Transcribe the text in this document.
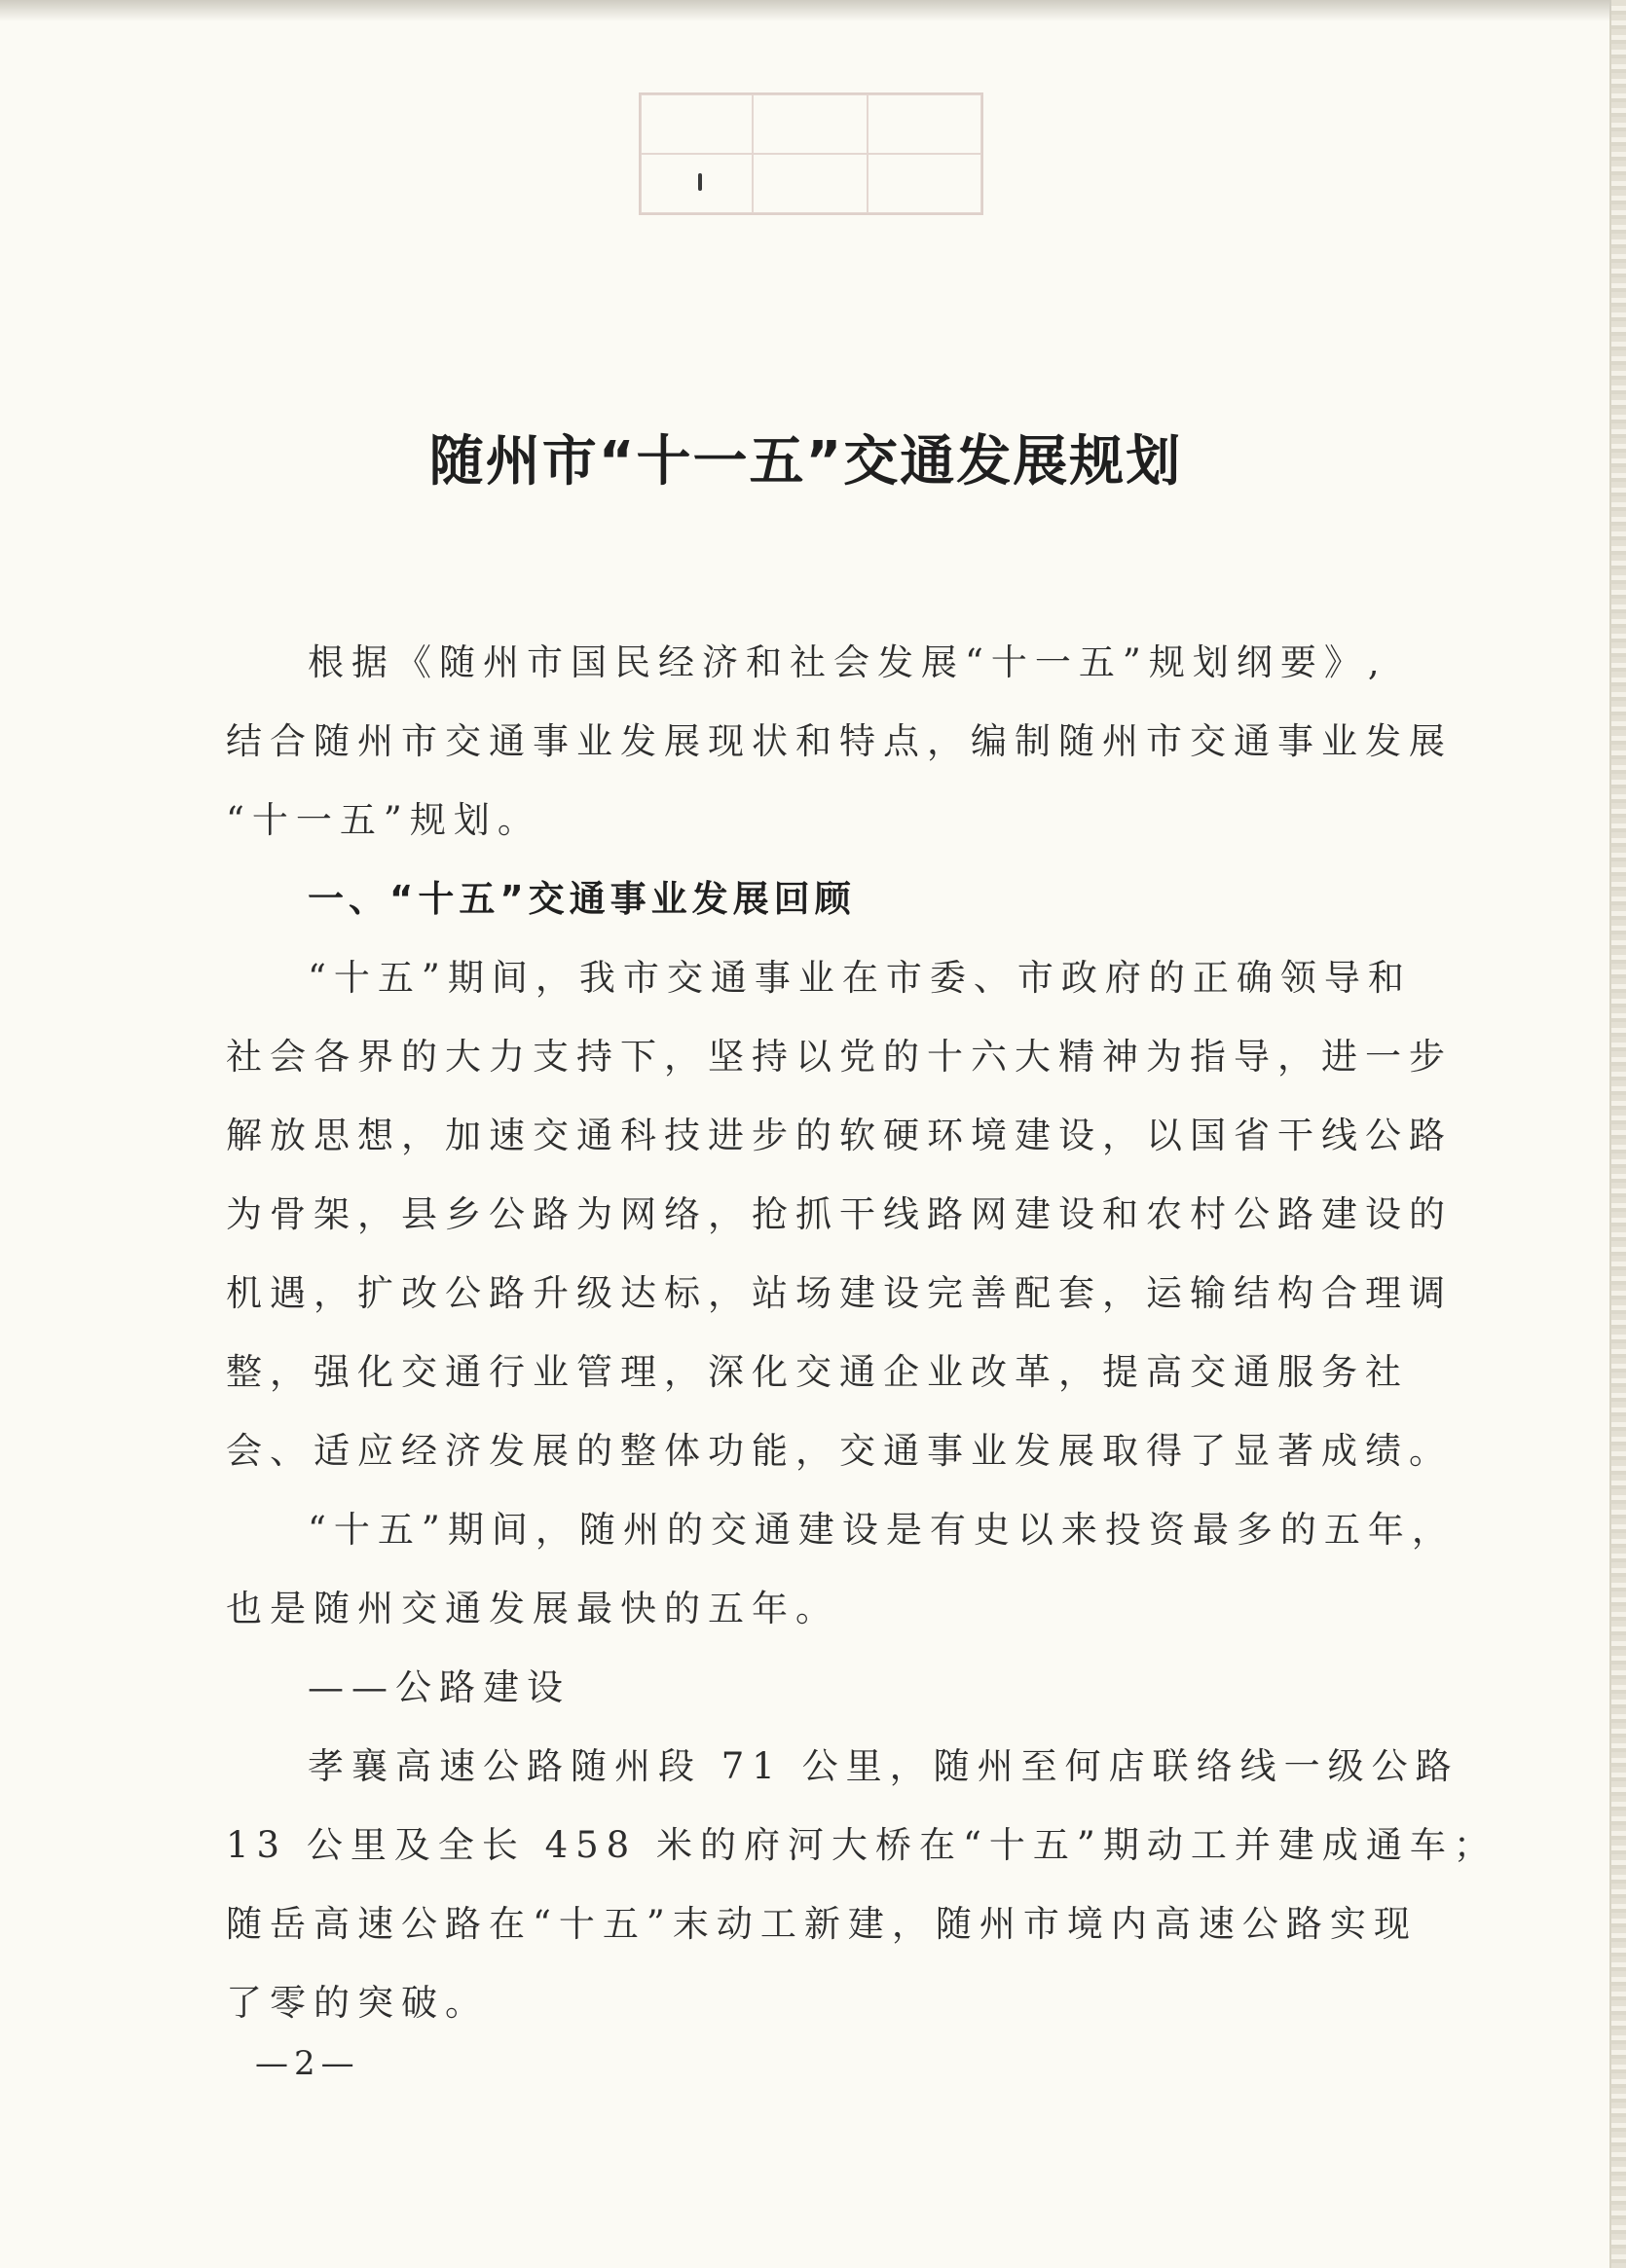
随州市“十一五”交通发展规划
根据《随州市国民经济和社会发展“十一五”规划纲要》,
结合随州市交通事业发展现状和特点，编制随州市交通事业发展
“十一五”规划。
一、“十五”交通事业发展回顾
“十五”期间，我市交通事业在市委、市政府的正确领导和
社会各界的大力支持下，坚持以党的十六大精神为指导，进一步
解放思想，加速交通科技进步的软硬环境建设，以国省干线公路
为骨架，县乡公路为网络，抢抓干线路网建设和农村公路建设的
机遇，扩改公路升级达标，站场建设完善配套，运输结构合理调
整，强化交通行业管理，深化交通企业改革，提高交通服务社
会、适应经济发展的整体功能，交通事业发展取得了显著成绩。
“十五”期间，随州的交通建设是有史以来投资最多的五年，
也是随州交通发展最快的五年。
——公路建设
孝襄高速公路随州段 71 公里，随州至何店联络线一级公路
13 公里及全长 458 米的府河大桥在“十五”期动工并建成通车；
随岳高速公路在“十五”末动工新建，随州市境内高速公路实现
了零的突破。
—2—
